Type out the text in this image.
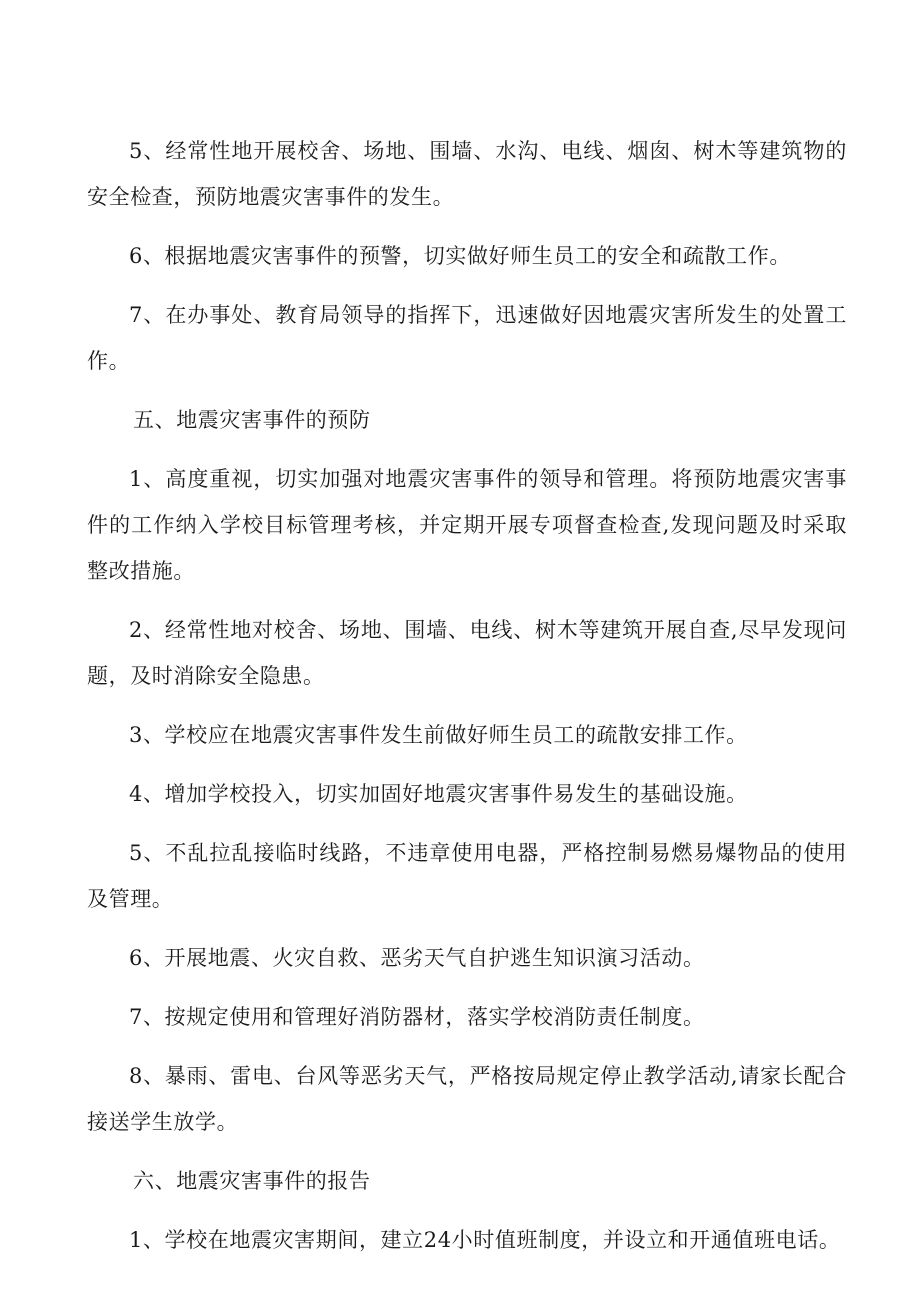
5、经常性地开展校舍、场地、围墙、水沟、电线、烟囱、树木等建筑物的安全检查，预防地震灾害事件的发生。

6、根据地震灾害事件的预警，切实做好师生员工的安全和疏散工作。

7、在办事处、教育局领导的指挥下，迅速做好因地震灾害所发生的处置工作。

五、地震灾害事件的预防

1、高度重视，切实加强对地震灾害事件的领导和管理。将预防地震灾害事件的工作纳入学校目标管理考核，并定期开展专项督查检查,发现问题及时采取整改措施。

2、经常性地对校舍、场地、围墙、电线、树木等建筑开展自查,尽早发现问题，及时消除安全隐患。

3、学校应在地震灾害事件发生前做好师生员工的疏散安排工作。

4、增加学校投入，切实加固好地震灾害事件易发生的基础设施。

5、不乱拉乱接临时线路，不违章使用电器，严格控制易燃易爆物品的使用及管理。

6、开展地震、火灾自救、恶劣天气自护逃生知识演习活动。

7、按规定使用和管理好消防器材，落实学校消防责任制度。

8、暴雨、雷电、台风等恶劣天气，严格按局规定停止教学活动,请家长配合接送学生放学。

六、地震灾害事件的报告

1、学校在地震灾害期间，建立24小时值班制度，并设立和开通值班电话。
